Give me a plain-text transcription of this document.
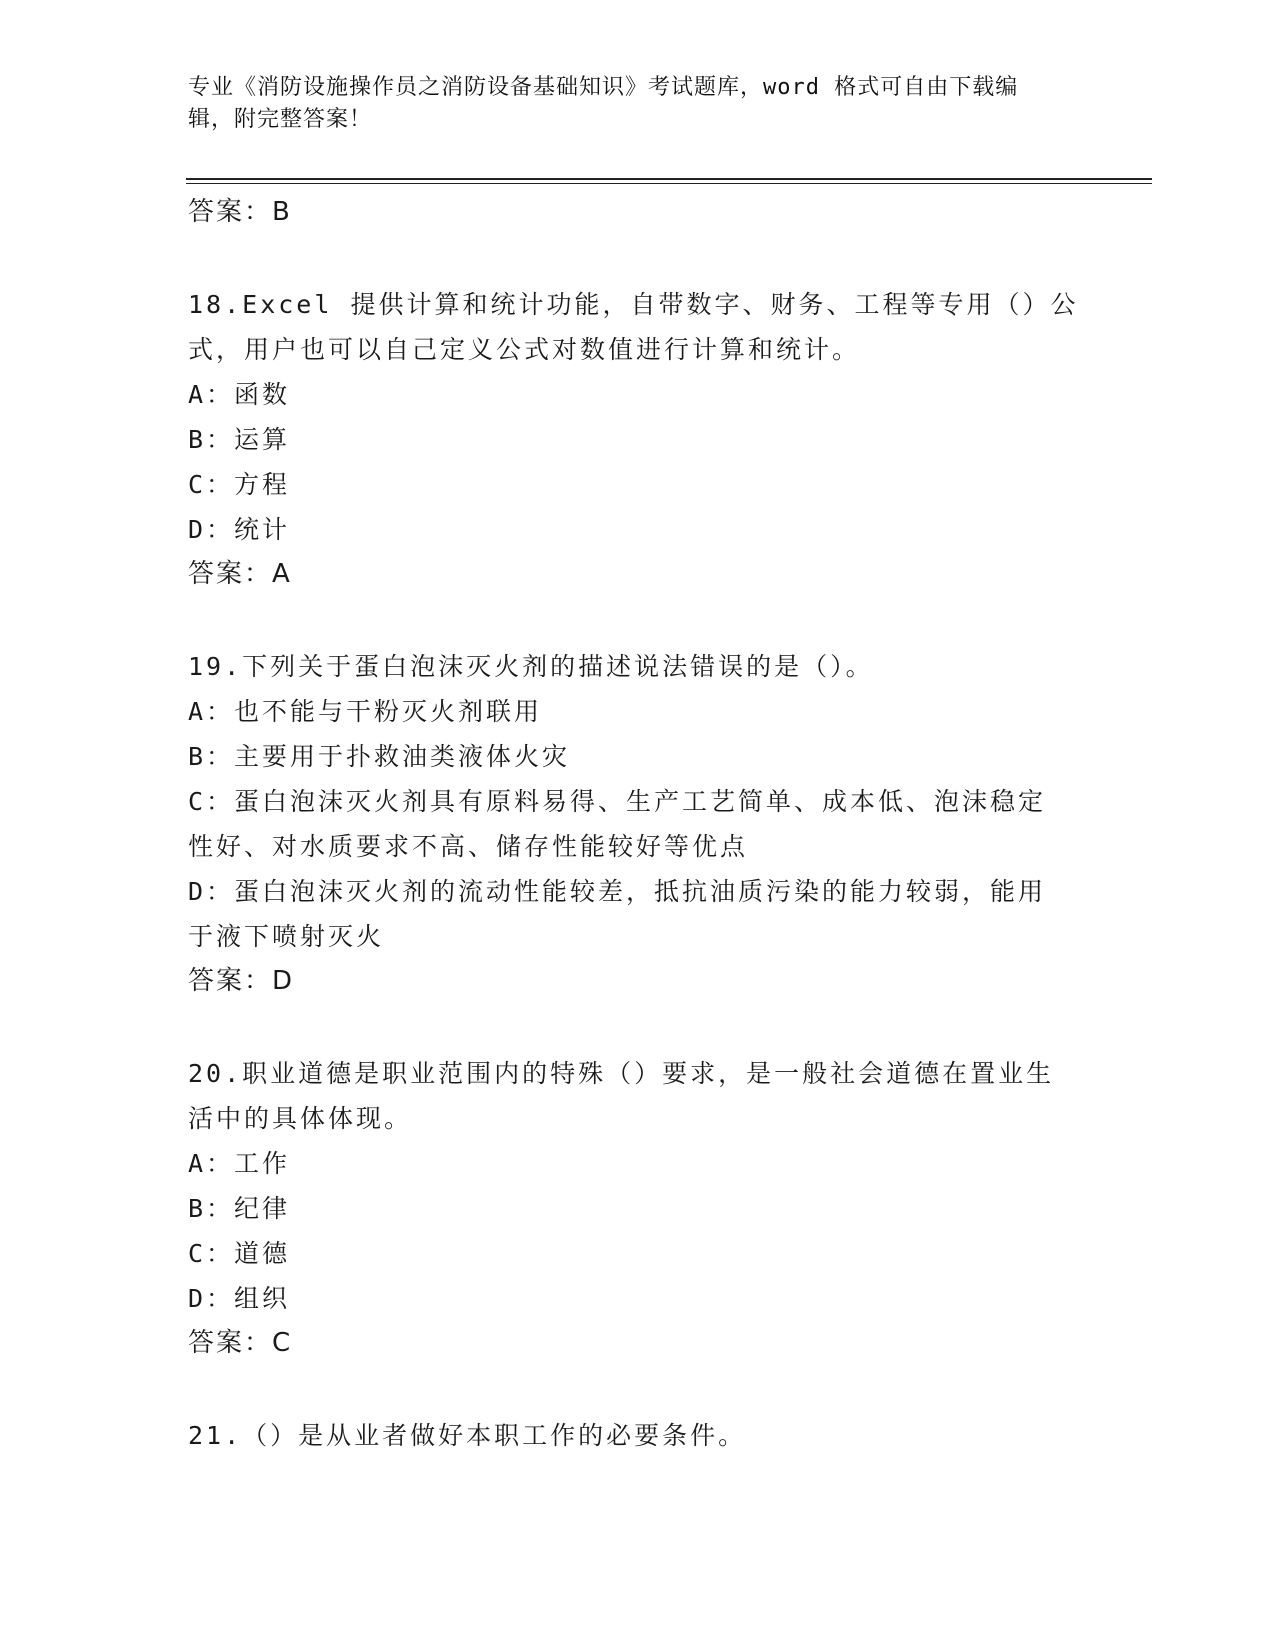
专业《消防设施操作员之消防设备基础知识》考试题库，word 格式可自由下载编
辑，附完整答案！
答案：B
18.Excel 提供计算和统计功能，自带数字、财务、工程等专用（）公
式，用户也可以自己定义公式对数值进行计算和统计。
A：函数
B：运算
C：方程
D：统计
答案：A
19.下列关于蛋白泡沫灭火剂的描述说法错误的是（）。
A：也不能与干粉灭火剂联用
B：主要用于扑救油类液体火灾
C：蛋白泡沫灭火剂具有原料易得、生产工艺简单、成本低、泡沫稳定
性好、对水质要求不高、储存性能较好等优点
D：蛋白泡沫灭火剂的流动性能较差，抵抗油质污染的能力较弱，能用
于液下喷射灭火
答案：D
20.职业道德是职业范围内的特殊（）要求，是一般社会道德在置业生
活中的具体体现。
A：工作
B：纪律
C：道德
D：组织
答案：C
21.（）是从业者做好本职工作的必要条件。
